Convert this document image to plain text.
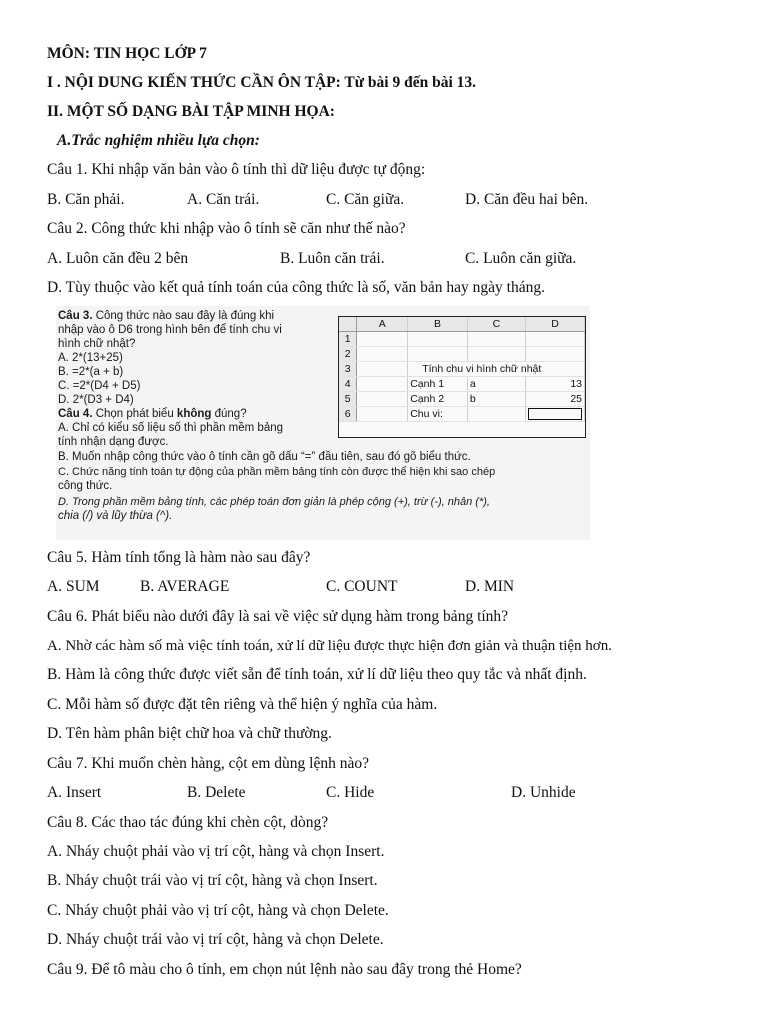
MÔN: TIN HỌC LỚP 7
I . NỘI DUNG KIẾN THỨC CẦN ÔN TẬP: Từ bài 9 đến bài 13.
II. MỘT SỐ DẠNG BÀI TẬP MINH HỌA:
A.Trắc nghiệm nhiều lựa chọn:
Câu 1. Khi nhập văn bản vào ô tính thì dữ liệu được tự động:
B. Căn phải.	A. Căn trái.	C. Căn giữa.	D. Căn đều hai bên.
Câu 2. Công thức khi nhập vào ô tính sẽ căn như thế nào?
A. Luôn căn đều 2 bên	B. Luôn căn trái.	C. Luôn căn giữa.
D. Tùy thuộc vào kết quả tính toán của công thức là số, văn bản hay ngày tháng.
Câu 3. Công thức nào sau đây là đúng khi
nhập vào ô D6 trong hình bên để tính chu vi
hình chữ nhật?
A. 2*(13+25)
B. =2*(a + b)
C. =2*(D4 + D5)
D. 2*(D3 + D4)
Câu 4. Chọn phát biểu không đúng?
A. Chỉ có kiểu số liệu số thì phần mềm bảng
tính nhận dạng được.
B. Muốn nhập công thức vào ô tính cần gõ dấu “=” đầu tiên, sau đó gõ biểu thức.
C. Chức năng tính toán tự động của phần mềm bảng tính còn được thể hiện khi sao chép
công thức.
D. Trong phần mềm bảng tính, các phép toán đơn giản là phép cộng (+), trừ (-), nhân (*),
chia (/) và lũy thừa (^).
	A	B	C	D
1				
2				
3		Tính chu vi hình chữ nhật		
4		Cạnh 1	a	13
5		Cạnh 2	b	25
6		Chu vi:		
Câu 5. Hàm tính tổng là hàm nào sau đây?
A. SUM	B. AVERAGE	C. COUNT	D. MIN
Câu 6. Phát biểu nào dưới đây là sai về việc sử dụng hàm trong bảng tính?
A. Nhờ các hàm số mà việc tính toán, xử lí dữ liệu được thực hiện đơn giản và thuận tiện hơn.
B. Hàm là công thức được viết sẵn để tính toán, xử lí dữ liệu theo quy tắc và nhất định.
C. Mỗi hàm số được đặt tên riêng và thể hiện ý nghĩa của hàm.
D. Tên hàm phân biệt chữ hoa và chữ thường.
Câu 7. Khi muốn chèn hàng, cột em dùng lệnh nào?
A. Insert	B. Delete	C. Hide	D. Unhide
Câu 8. Các thao tác đúng khi chèn cột, dòng?
A. Nháy chuột phải vào vị trí cột, hàng và chọn Insert.
B. Nháy chuột trái vào vị trí cột, hàng và chọn Insert.
C. Nháy chuột phải vào vị trí cột, hàng và chọn Delete.
D. Nháy chuột trái vào vị trí cột, hàng và chọn Delete.
Câu 9. Để tô màu cho ô tính, em chọn nút lệnh nào sau đây trong thẻ Home?
